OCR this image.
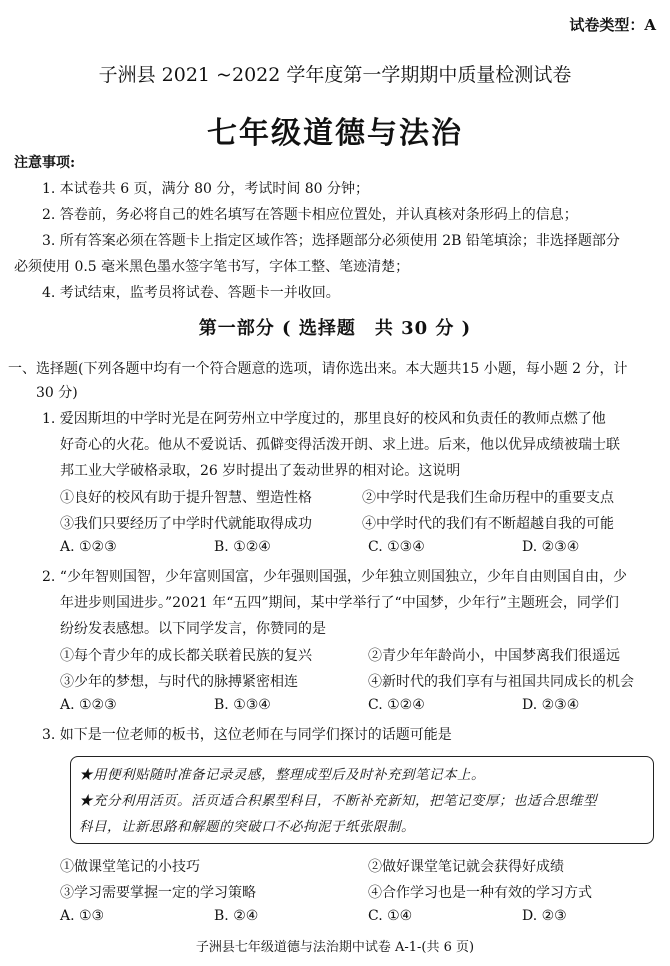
试卷类型：A
子洲县 2021 ~2022 学年度第一学期期中质量检测试卷
七年级道德与法治
注意事项:
1. 本试卷共 6 页，满分 80 分，考试时间 80 分钟；
2. 答卷前，务必将自己的姓名填写在答题卡相应位置处，并认真核对条形码上的信息；
3. 所有答案必须在答题卡上指定区域作答；选择题部分必须使用 2B 铅笔填涂；非选择题部分
必须使用 0.5 毫米黑色墨水签字笔书写，字体工整、笔迹清楚；
4. 考试结束，监考员将试卷、答题卡一并收回。
第一部分 ( 选择题　共 30 分 )
一、选择题(下列各题中均有一个符合题意的选项，请你选出来。本大题共15 小题，每小题 2 分，计
30 分)
1. 爱因斯坦的中学时光是在阿劳州立中学度过的，那里良好的校风和负责任的教师点燃了他
好奇心的火花。他从不爱说话、孤僻变得活泼开朗、求上进。后来，他以优异成绩被瑞士联
邦工业大学破格录取，26 岁时提出了轰动世界的相对论。这说明
①良好的校风有助于提升智慧、塑造性格	②中学时代是我们生命历程中的重要支点
③我们只要经历了中学时代就能取得成功	④中学时代的我们有不断超越自我的可能
A. ①②③	B. ①②④	C. ①③④	D. ②③④
2. “少年智则国智，少年富则国富，少年强则国强，少年独立则国独立，少年自由则国自由，少
年进步则国进步。”2021 年“五四”期间，某中学举行了“中国梦，少年行”主题班会，同学们
纷纷发表感想。以下同学发言，你赞同的是
①每个青少年的成长都关联着民族的复兴	②青少年年龄尚小，中国梦离我们很遥远
③少年的梦想，与时代的脉搏紧密相连	④新时代的我们享有与祖国共同成长的机会
A. ①②③	B. ①③④	C. ①②④	D. ②③④
3. 如下是一位老师的板书，这位老师在与同学们探讨的话题可能是
★用便利贴随时准备记录灵感，整理成型后及时补充到笔记本上。
★充分利用活页。活页适合积累型科目，不断补充新知，把笔记变厚；也适合思维型
科目，让新思路和解题的突破口不必拘泥于纸张限制。
①做课堂笔记的小技巧	②做好课堂笔记就会获得好成绩
③学习需要掌握一定的学习策略	④合作学习也是一种有效的学习方式
A. ①③	B. ②④	C. ①④	D. ②③
子洲县七年级道德与法治期中试卷 A-1-(共 6 页)
